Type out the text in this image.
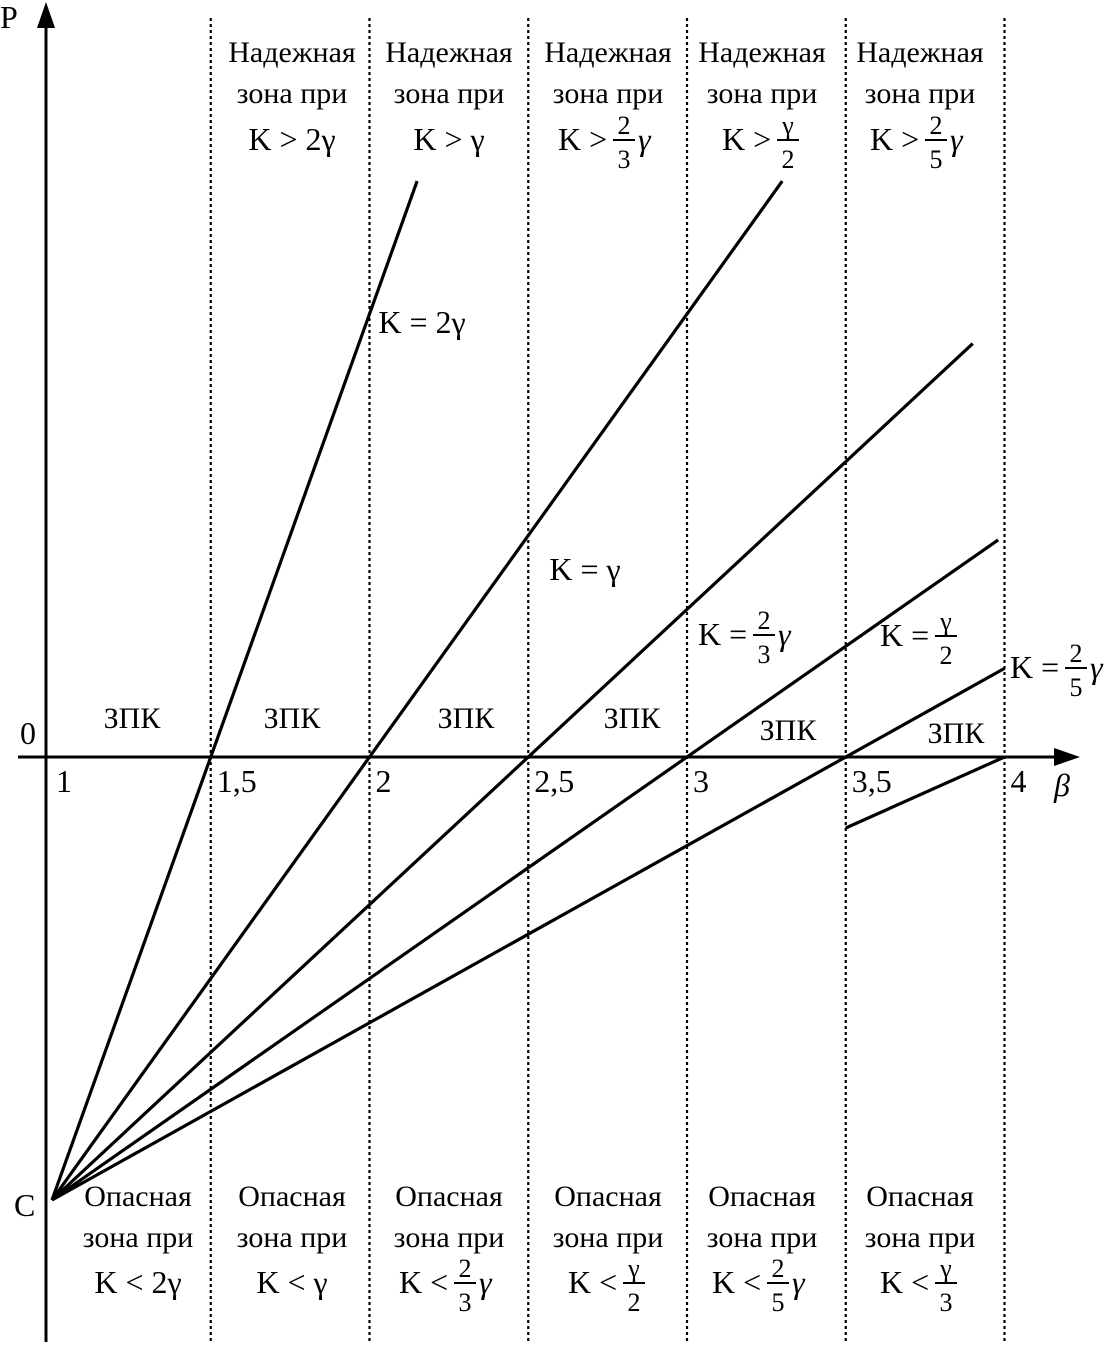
P
0
β
C
1	1,5	2	2,5	3	3,5	4
ЗПК	ЗПК	ЗПК	ЗПК	ЗПК	ЗПК
Надежная
зона при
K > 2γ
Надежная
зона при
K > γ
Надежная
зона при
K > 2
3
γ
Надежная
зона при
K > γ
2
Надежная
зона при
K > 2
5
γ
Опасная
зона при
K < 2γ
Опасная
зона при
K < γ
Опасная
зона при
K < 2
3
γ
Опасная
зона при
K < γ
2
Опасная
зона при
K < 2
5
γ
Опасная
зона при
K < γ
3
K = 2γ
K = γ
K = 2
3
γ	K = γ
2 K = 2
5
γ
